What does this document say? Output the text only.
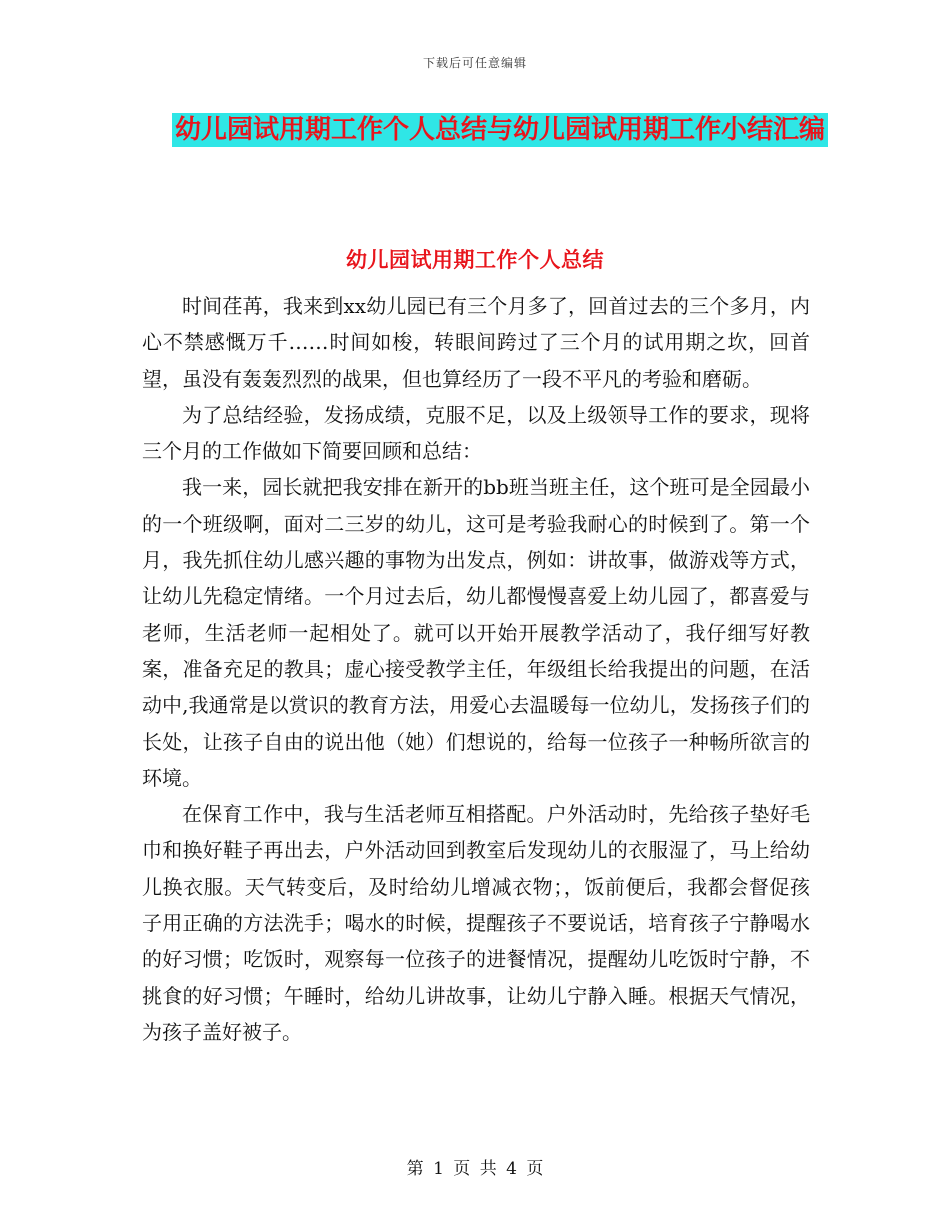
下载后可任意编辑
幼儿园试用期工作个人总结与幼儿园试用期工作小结汇编
幼儿园试用期工作个人总结

时间荏苒，我来到xx幼儿园已有三个月多了，回首过去的三个多月，内心不禁感慨万千……时间如梭，转眼间跨过了三个月的试用期之坎，回首望，虽没有轰轰烈烈的战果，但也算经历了一段不平凡的考验和磨砺。

为了总结经验，发扬成绩，克服不足，以及上级领导工作的要求，现将三个月的工作做如下简要回顾和总结：

我一来，园长就把我安排在新开的bb班当班主任，这个班可是全园最小的一个班级啊，面对二三岁的幼儿，这可是考验我耐心的时候到了。第一个月，我先抓住幼儿感兴趣的事物为出发点，例如：讲故事，做游戏等方式，让幼儿先稳定情绪。一个月过去后，幼儿都慢慢喜爱上幼儿园了，都喜爱与老师，生活老师一起相处了。就可以开始开展教学活动了，我仔细写好教案，准备充足的教具；虚心接受教学主任，年级组长给我提出的问题，在活动中,我通常是以赏识的教育方法，用爱心去温暖每一位幼儿，发扬孩子们的长处，让孩子自由的说出他（她）们想说的，给每一位孩子一种畅所欲言的环境。

在保育工作中，我与生活老师互相搭配。户外活动时，先给孩子垫好毛巾和换好鞋子再出去，户外活动回到教室后发现幼儿的衣服湿了，马上给幼儿换衣服。天气转变后，及时给幼儿增减衣物；，饭前便后，我都会督促孩子用正确的方法洗手；喝水的时候，提醒孩子不要说话，培育孩子宁静喝水的好习惯；吃饭时，观察每一位孩子的进餐情况，提醒幼儿吃饭时宁静，不挑食的好习惯；午睡时，给幼儿讲故事，让幼儿宁静入睡。根据天气情况，为孩子盖好被子。

第 1 页 共 4 页
